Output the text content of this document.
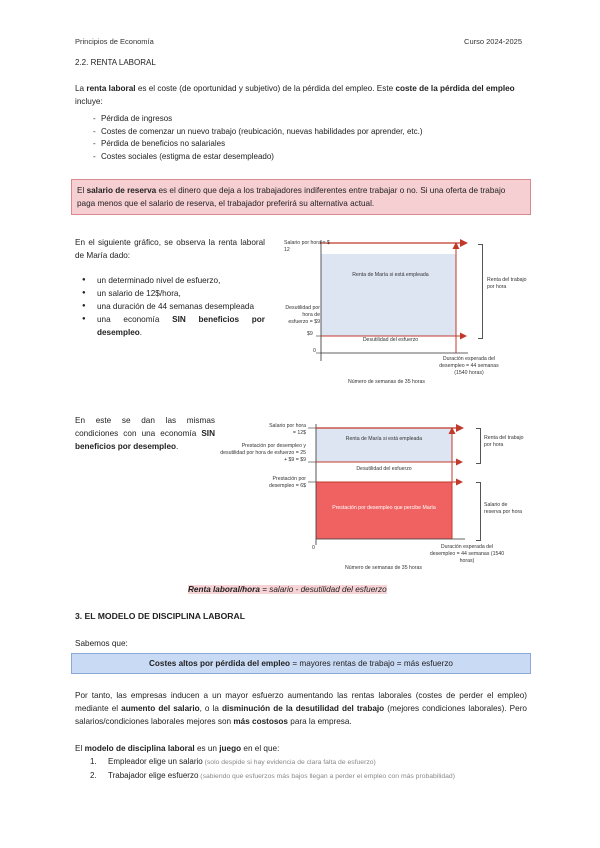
Principios de Economía	Curso 2024-2025
2.2. RENTA LABORAL
La renta laboral es el coste (de oportunidad y subjetivo) de la pérdida del empleo. Este coste de la pérdida del empleo incluye:
- Pérdida de ingresos
- Costes de comenzar un nuevo trabajo (reubicación, nuevas habilidades por aprender, etc.)
- Pérdida de beneficios no salariales
- Costes sociales (estigma de estar desempleado)
El salario de reserva es el dinero que deja a los trabajadores indiferentes entre trabajar o no. Si una oferta de trabajo paga menos que el salario de reserva, el trabajador preferirá su alternativa actual.
En el siguiente gráfico, se observa la renta laboral de María dado:
● un determinado nivel de esfuerzo,
● un salario de 12$/hora,
● una duración de 44 semanas desempleada
● una economía SIN beneficios por desempleo.
Salario por hora = $ 12
Desutilidad por hora de esfuerzo = $9
$9
0
Renta de María si está empleada
Desutilidad del esfuerzo
Duración esperada del desempleo = 44 semanas (1540 horas)
Número de semanas de 35 horas
Renta del trabajo por hora
En este se dan las mismas condiciones con una economía SIN beneficios por desempleo.
Salario por hora = 12$
Prestación por desempleo y desutilidad por hora de esfuerzo = 25 + $9 = $9
Prestación por desempleo = 6$
0
Renta de María si está empleada
Desutilidad del esfuerzo
Prestación por desempleo que percibe María
Duración esperada del desempleo = 44 semanas (1540 horas)
Número de semanas de 35 horas
Renta del trabajo por hora
Salario de reserva por hora
Renta laboral/hora = salario - desutilidad del esfuerzo
3. EL MODELO DE DISCIPLINA LABORAL
Sabemos que:
Costes altos por pérdida del empleo = mayores rentas de trabajo = más esfuerzo
Por tanto, las empresas inducen a un mayor esfuerzo aumentando las rentas laborales (costes de perder el empleo) mediante el aumento del salario, o la disminución de la desutilidad del trabajo (mejores condiciones laborales). Pero salarios/condiciones laborales mejores son más costosos para la empresa.
El modelo de disciplina laboral es un juego en el que:
1. Empleador elige un salario (solo despide si hay evidencia de clara falta de esfuerzo)
2. Trabajador elige esfuerzo (sabiendo que esfuerzos más bajos llegan a perder el empleo con más probabilidad)
